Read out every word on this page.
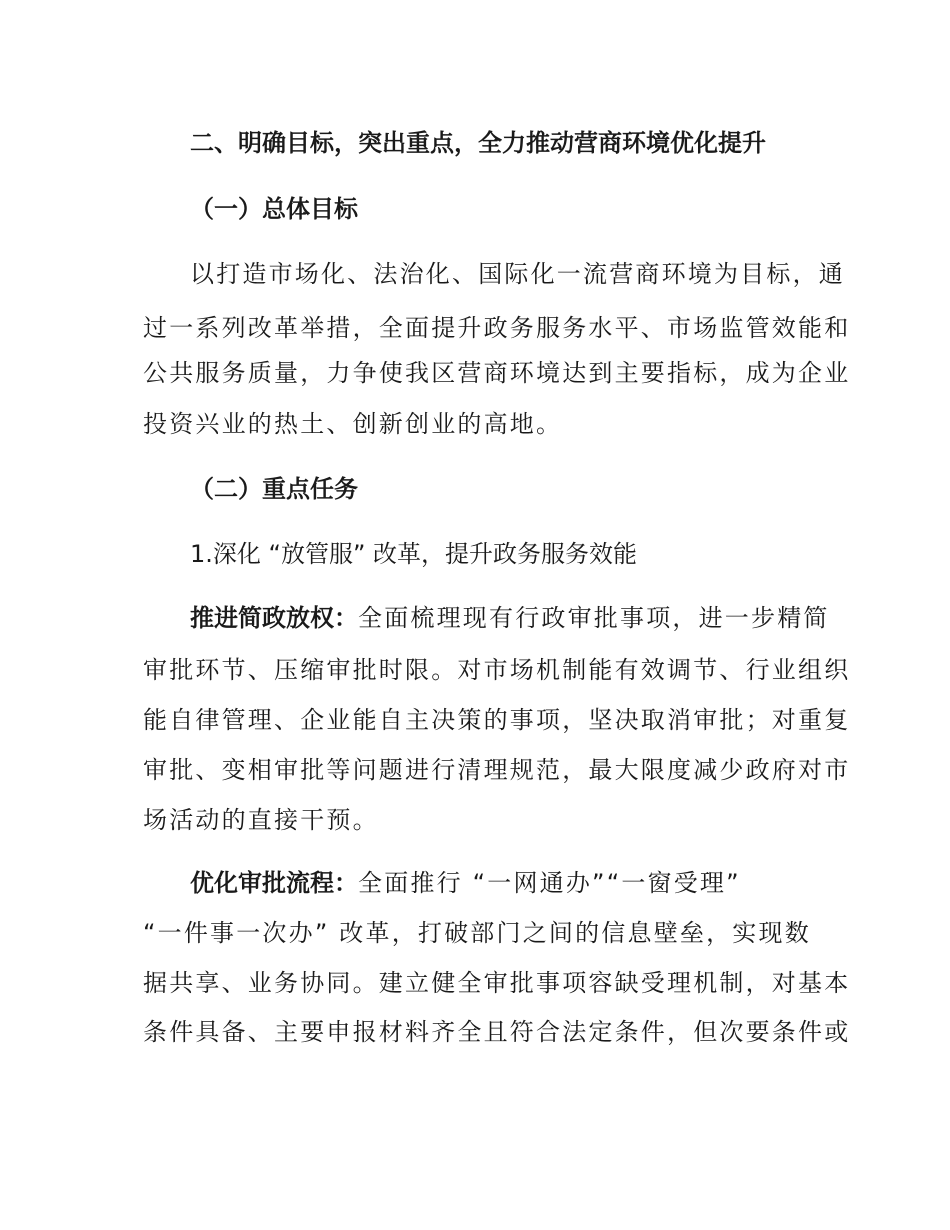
二、明确目标，突出重点，全力推动营商环境优化提升
（一）总体目标
以打造市场化、法治化、国际化一流营商环境为目标，通
过一系列改革举措，全面提升政务服务水平、市场监管效能和
公共服务质量，力争使我区营商环境达到主要指标，成为企业
投资兴业的热土、创新创业的高地。
（二）重点任务
1.深化 “放管服” 改革，提升政务服务效能
推进简政放权：全面梳理现有行政审批事项，进一步精简
审批环节、压缩审批时限。对市场机制能有效调节、行业组织
能自律管理、企业能自主决策的事项，坚决取消审批；对重复
审批、变相审批等问题进行清理规范，最大限度减少政府对市
场活动的直接干预。
优化审批流程：全面推行 “一网通办”“一窗受理”
“一件事一次办” 改革，打破部门之间的信息壁垒，实现数
据共享、业务协同。建立健全审批事项容缺受理机制，对基本
条件具备、主要申报材料齐全且符合法定条件，但次要条件或
